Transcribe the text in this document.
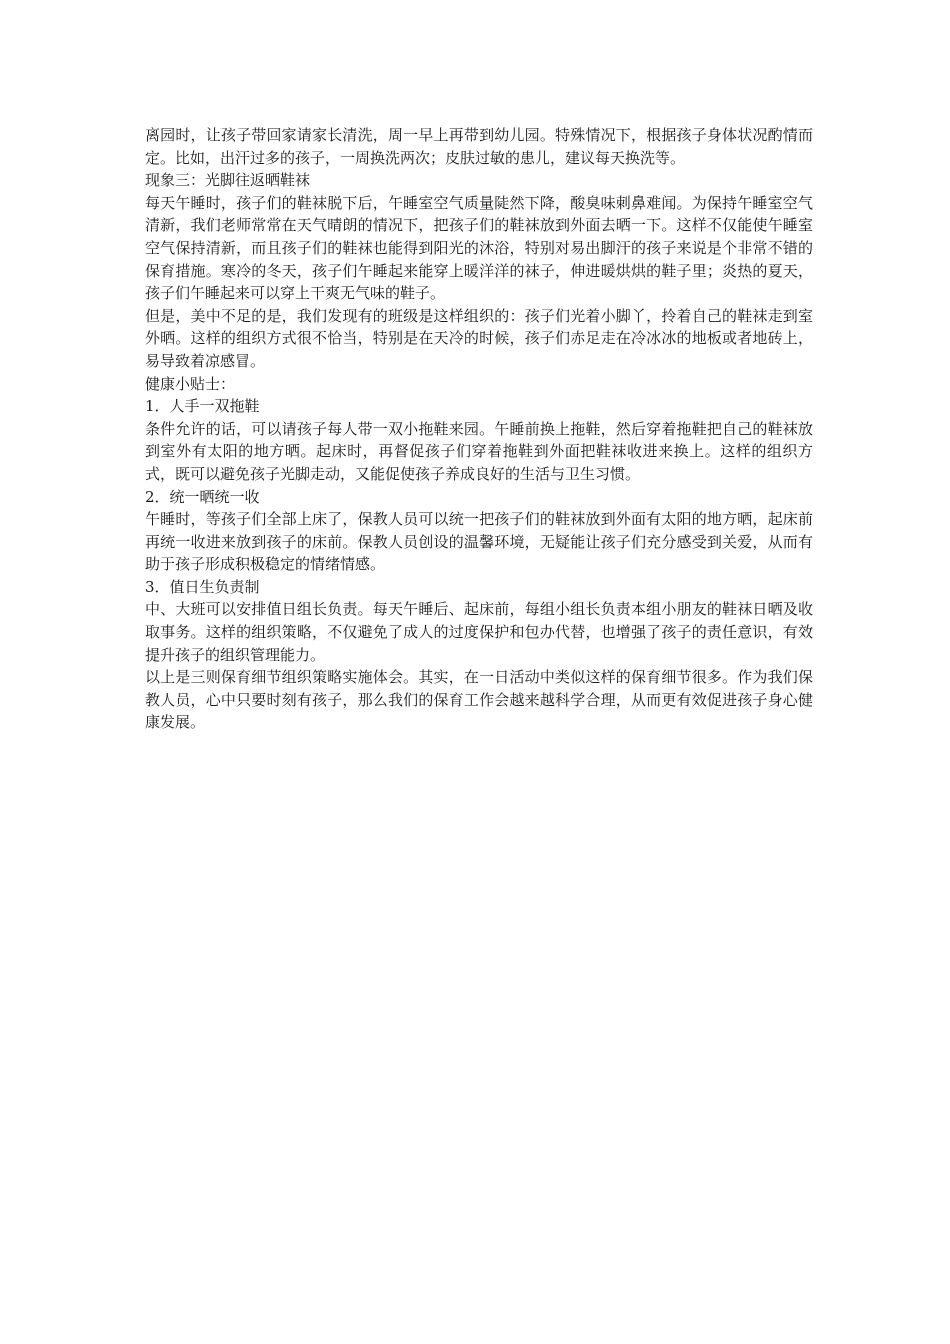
离园时，让孩子带回家请家长清洗，周一早上再带到幼儿园。特殊情况下，根据孩子身体状况酌情而定。比如，出汗过多的孩子，一周换洗两次；皮肤过敏的患儿，建议每天换洗等。

现象三：光脚往返晒鞋袜

每天午睡时，孩子们的鞋袜脱下后，午睡室空气质量陡然下降，酸臭味刺鼻难闻。为保持午睡室空气清新，我们老师常常在天气晴朗的情况下，把孩子们的鞋袜放到外面去晒一下。这样不仅能使午睡室空气保持清新，而且孩子们的鞋袜也能得到阳光的沐浴，特别对易出脚汗的孩子来说是个非常不错的保育措施。寒冷的冬天，孩子们午睡起来能穿上暖洋洋的袜子，伸进暖烘烘的鞋子里；炎热的夏天，孩子们午睡起来可以穿上干爽无气味的鞋子。

但是，美中不足的是，我们发现有的班级是这样组织的：孩子们光着小脚丫，拎着自己的鞋袜走到室外晒。这样的组织方式很不恰当，特别是在天冷的时候，孩子们赤足走在冷冰冰的地板或者地砖上，易导致着凉感冒。

健康小贴士：

1．人手一双拖鞋

条件允许的话，可以请孩子每人带一双小拖鞋来园。午睡前换上拖鞋，然后穿着拖鞋把自己的鞋袜放到室外有太阳的地方晒。起床时，再督促孩子们穿着拖鞋到外面把鞋袜收进来换上。这样的组织方式，既可以避免孩子光脚走动，又能促使孩子养成良好的生活与卫生习惯。

2．统一晒统一收

午睡时，等孩子们全部上床了，保教人员可以统一把孩子们的鞋袜放到外面有太阳的地方晒，起床前再统一收进来放到孩子的床前。保教人员创设的温馨环境，无疑能让孩子们充分感受到关爱，从而有助于孩子形成积极稳定的情绪情感。

3．值日生负责制

中、大班可以安排值日组长负责。每天午睡后、起床前，每组小组长负责本组小朋友的鞋袜日晒及收取事务。这样的组织策略，不仅避免了成人的过度保护和包办代替，也增强了孩子的责任意识，有效提升孩子的组织管理能力。

以上是三则保育细节组织策略实施体会。其实，在一日活动中类似这样的保育细节很多。作为我们保教人员，心中只要时刻有孩子，那么我们的保育工作会越来越科学合理，从而更有效促进孩子身心健康发展。
